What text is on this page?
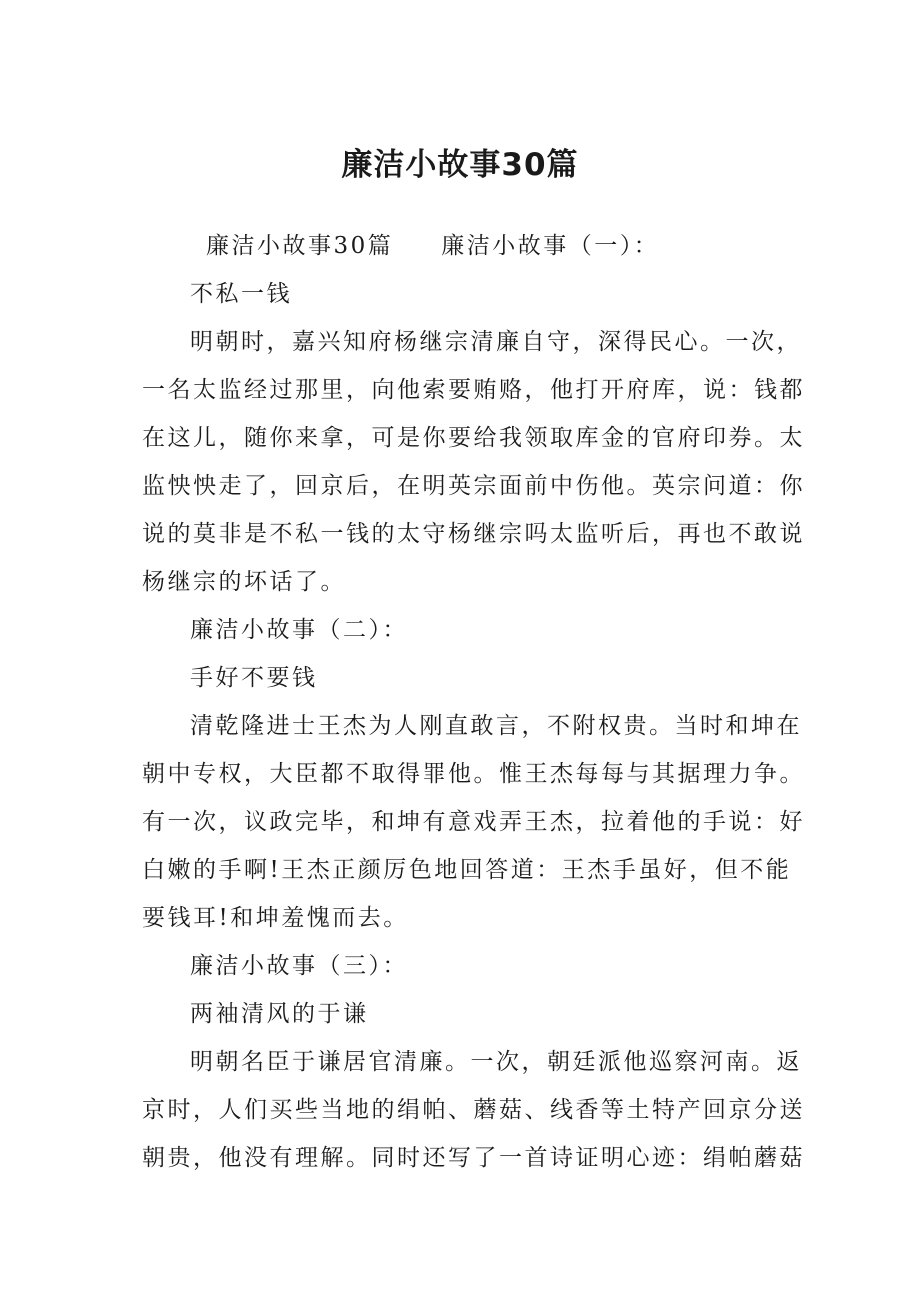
廉洁小故事30篇
廉洁小故事30篇 廉洁小故事（一）：
不私一钱
明朝时，嘉兴知府杨继宗清廉自守，深得民心。一次，
一名太监经过那里，向他索要贿赂，他打开府库，说：钱都
在这儿，随你来拿，可是你要给我领取库金的官府印券。太
监怏怏走了，回京后，在明英宗面前中伤他。英宗问道：你
说的莫非是不私一钱的太守杨继宗吗太监听后，再也不敢说
杨继宗的坏话了。
廉洁小故事（二）：
手好不要钱
清乾隆进士王杰为人刚直敢言，不附权贵。当时和坤在
朝中专权，大臣都不取得罪他。惟王杰每每与其据理力争。
有一次，议政完毕，和坤有意戏弄王杰，拉着他的手说：好
白嫩的手啊!王杰正颜厉色地回答道：王杰手虽好，但不能
要钱耳!和坤羞愧而去。
廉洁小故事（三）：
两袖清风的于谦
明朝名臣于谦居官清廉。一次，朝廷派他巡察河南。返
京时，人们买些当地的绢帕、蘑菇、线香等土特产回京分送
朝贵，他没有理解。同时还写了一首诗证明心迹：绢帕蘑菇
